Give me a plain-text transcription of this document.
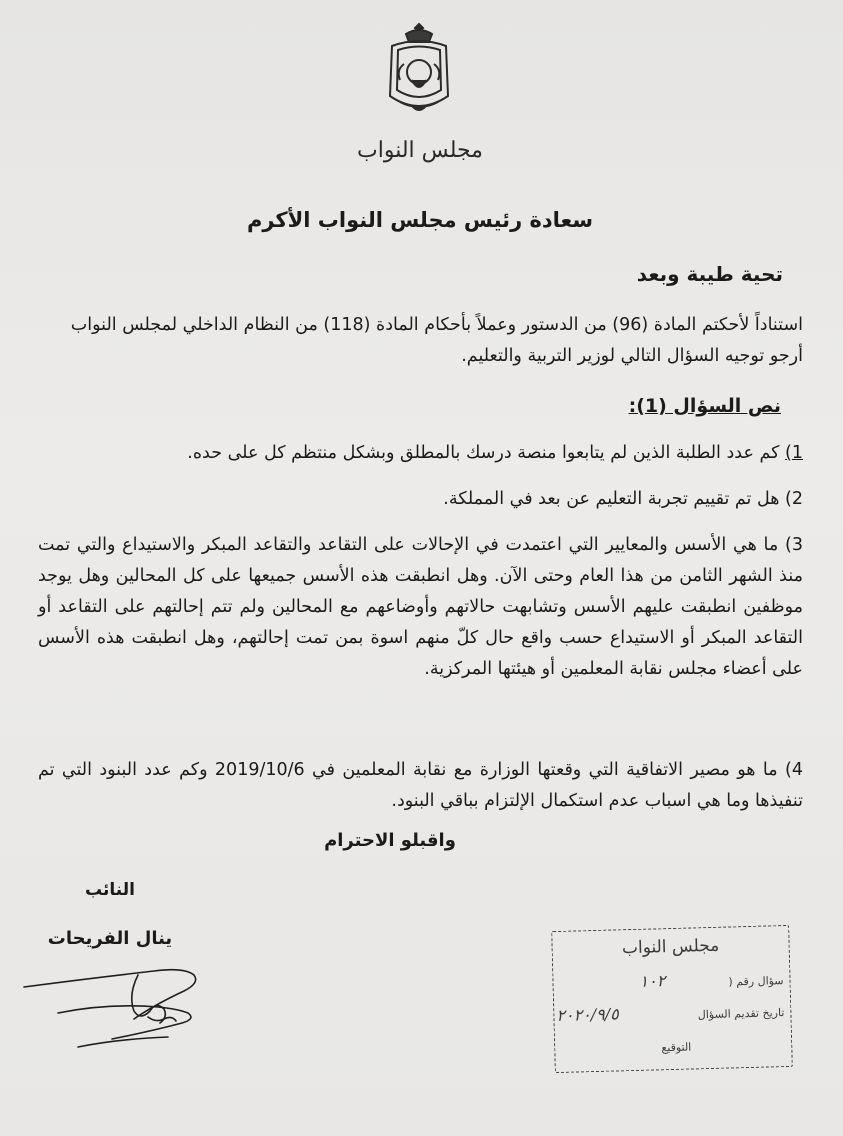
مجلس النواب
سعادة رئيس مجلس النواب الأكرم
تحية طيبة وبعد
استناداً لأحكتم المادة (96) من الدستور وعملاً بأحكام المادة (118) من النظام الداخلي لمجلس النواب أرجو توجيه السؤال التالي لوزير التربية والتعليم.
نص السؤال (1):
1) كم عدد الطلبة الذين لم يتابعوا منصة درسك بالمطلق وبشكل منتظم كل على حده.
2) هل تم تقييم تجربة التعليم عن بعد في المملكة.
3) ما هي الأسس والمعايير التي اعتمدت في الإحالات على التقاعد والتقاعد المبكر والاستيداع والتي تمت منذ الشهر الثامن من هذا العام وحتى الآن. وهل انطبقت هذه الأسس جميعها على كل المحالين وهل يوجد موظفين انطبقت عليهم الأسس وتشابهت حالاتهم وأوضاعهم مع المحالين ولم تتم إحالتهم على التقاعد أو التقاعد المبكر أو الاستيداع حسب واقع حال كلّ منهم اسوة بمن تمت إحالتهم، وهل انطبقت هذه الأسس على أعضاء مجلس نقابة المعلمين أو هيئتها المركزية.
4) ما هو مصير الاتفاقية التي وقعتها الوزارة مع نقابة المعلمين في 2019/10/6 وكم عدد البنود التي تم تنفيذها وما هي اسباب عدم استكمال الإلتزام بباقي البنود.
واقبلو الاحترام
النائب
ينال الفريحات	مجلس النواب
سؤال رقم (
١٠٢
تاريخ تقديم السؤال
٢٠٢٠/٩/٥
التوقيع
